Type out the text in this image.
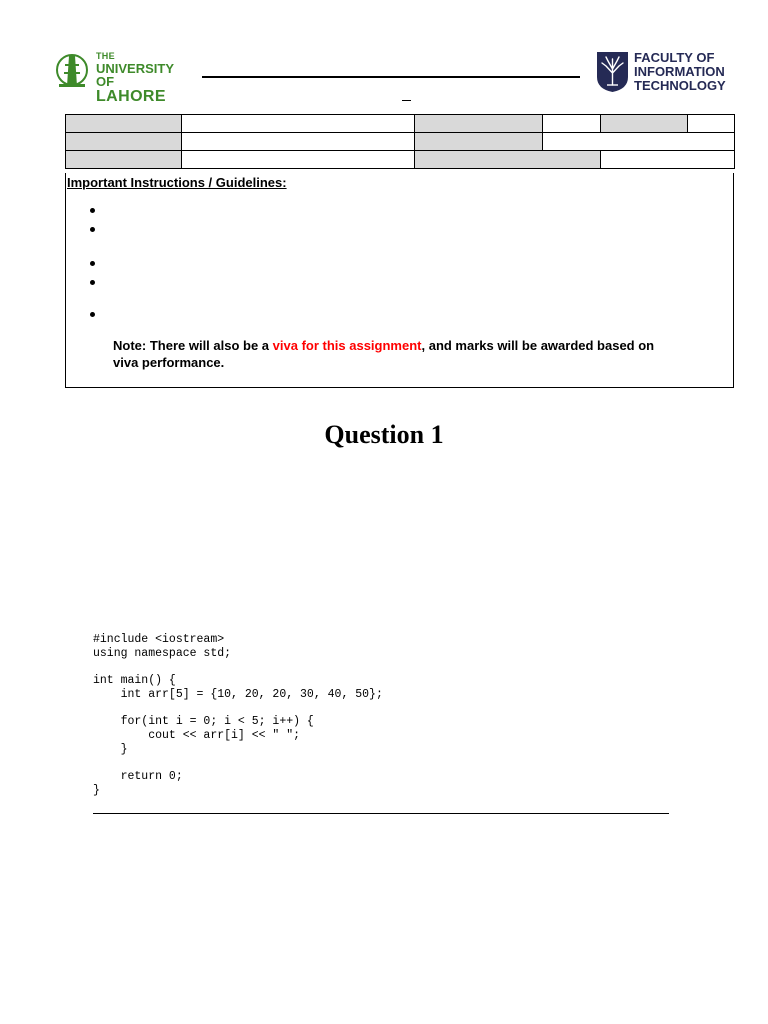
THE
UNIVERSITY OF
LAHORE
FACULTY OF
INFORMATION
TECHNOLOGY

Important Instructions / Guidelines:
Note: There will also be a viva for this assignment, and marks will be awarded based on viva performance.
Question 1
#include <iostream>
using namespace std;

int main() {
int arr[5] = {10, 20, 20, 30, 40, 50};

for(int i = 0; i < 5; i++) {
cout << arr[i] << " ";
}

return 0;
}
